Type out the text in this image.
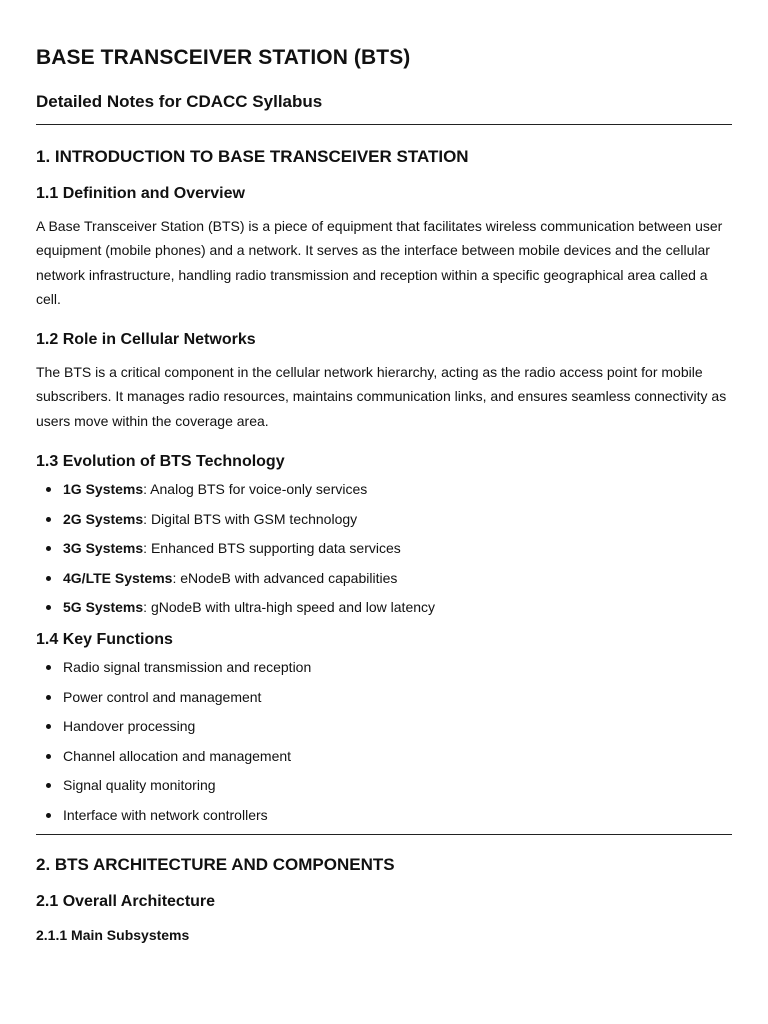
BASE TRANSCEIVER STATION (BTS)
Detailed Notes for CDACC Syllabus
1. INTRODUCTION TO BASE TRANSCEIVER STATION
1.1 Definition and Overview

A Base Transceiver Station (BTS) is a piece of equipment that facilitates wireless communication between user equipment (mobile phones) and a network. It serves as the interface between mobile devices and the cellular network infrastructure, handling radio transmission and reception within a specific geographical area called a cell.

1.2 Role in Cellular Networks

The BTS is a critical component in the cellular network hierarchy, acting as the radio access point for mobile subscribers. It manages radio resources, maintains communication links, and ensures seamless connectivity as users move within the coverage area.

1.3 Evolution of BTS Technology
1G Systems: Analog BTS for voice-only services
2G Systems: Digital BTS with GSM technology
3G Systems: Enhanced BTS supporting data services
4G/LTE Systems: eNodeB with advanced capabilities
5G Systems: gNodeB with ultra-high speed and low latency
1.4 Key Functions
Radio signal transmission and reception
Power control and management
Handover processing
Channel allocation and management
Signal quality monitoring
Interface with network controllers
2. BTS ARCHITECTURE AND COMPONENTS
2.1 Overall Architecture
2.1.1 Main Subsystems
